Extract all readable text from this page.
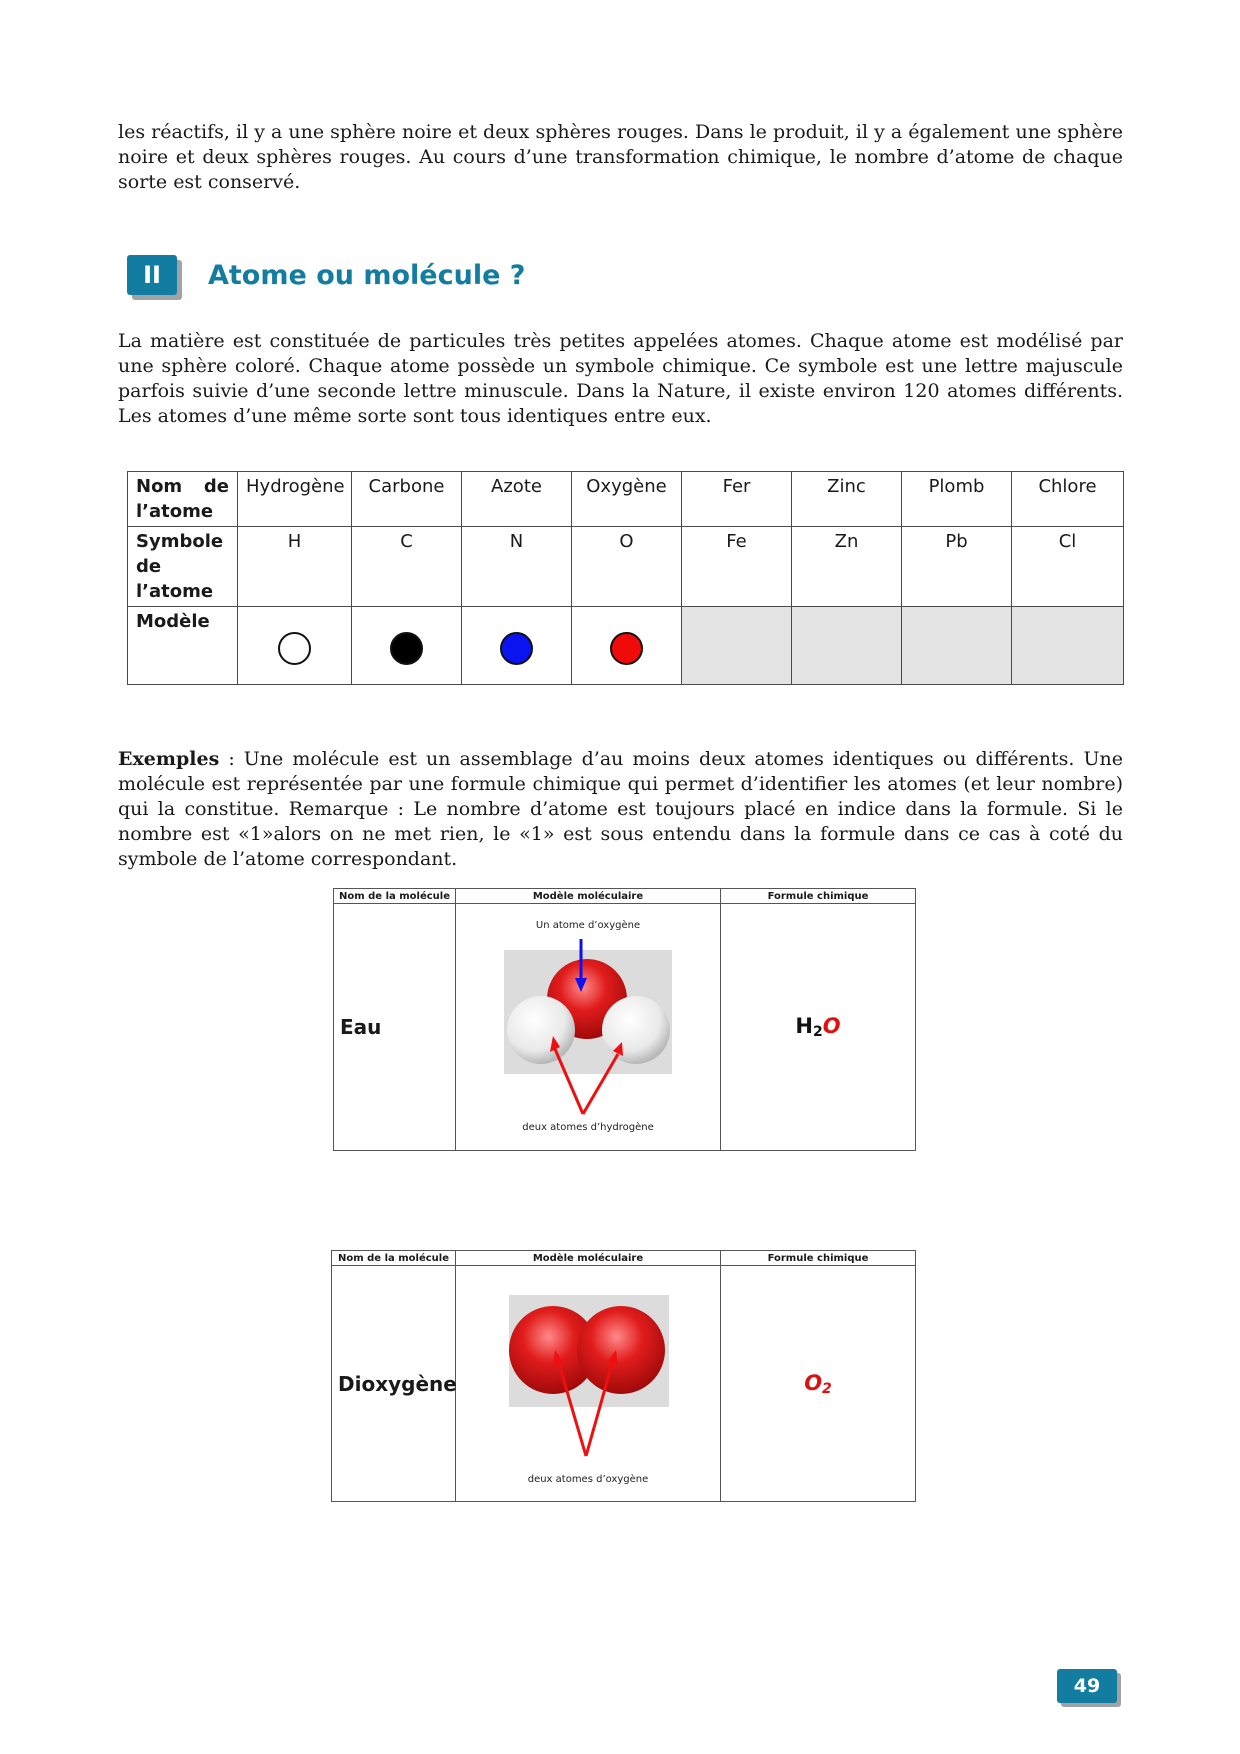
les réactifs, il y a une sphère noire et deux sphères rouges. Dans le produit, il y a également une sphère noire et deux sphères rouges. Au cours d’une transformation chimique, le nombre d’atome de chaque sorte est conservé.

II	Atome ou molécule ?

La matière est constituée de particules très petites appelées atomes. Chaque atome est modélisé par une sphère coloré. Chaque atome possède un symbole chimique. Ce symbole est une lettre majuscule parfois suivie d’une seconde lettre minuscule. Dans la Nature, il existe environ 120 atomes différents. Les atomes d’une même sorte sont tous identiques entre eux.

Nom de
l’atome	Hydrogène	Carbone	Azote	Oxygène	Fer	Zinc	Plomb	Chlore
Symbole de l’atome	H	C	N	O	Fe	Zn	Pb	Cl
Modèle	

Exemples : Une molécule est un assemblage d’au moins deux atomes identiques ou différents. Une molécule est représentée par une formule chimique qui permet d’identifier les atomes (et leur nombre) qui la constitue. Remarque : Le nombre d’atome est toujours placé en indice dans la formule. Si le nombre est «1»alors on ne met rien, le «1» est sous entendu dans la formule dans ce cas à coté du symbole de l’atome correspondant.

Nom de la molécule	Modèle moléculaire	Formule chimique
Eau	Un atome d’oxygène
deux atomes d’hydrogène	$H_2O$
Nom de la molécule	Modèle moléculaire	Formule chimique
Dioxygène	deux atomes d’oxygène	$O_2$
49
